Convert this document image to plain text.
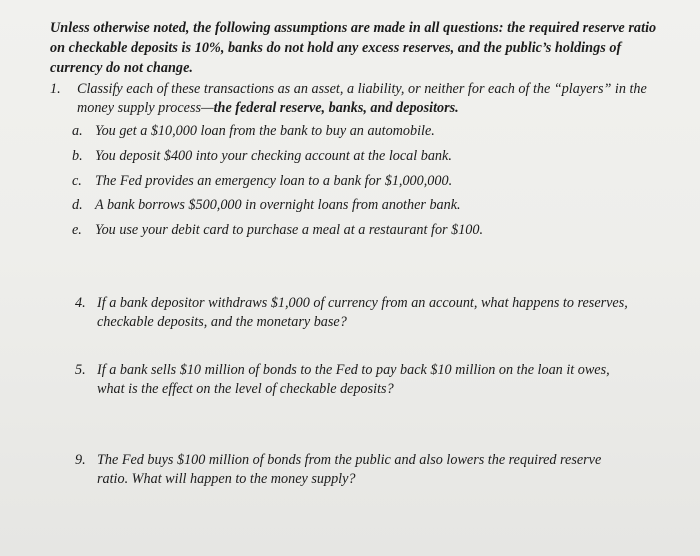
Unless otherwise noted, the following assumptions are made in all questions: the required reserve ratio on checkable deposits is 10%, banks do not hold any excess reserves, and the public’s holdings of currency do not change.
1.	Classify each of these transactions as an asset, a liability, or neither for each of the “players” in the money supply process—the federal reserve, banks, and depositors.
a. You get a $10,000 loan from the bank to buy an automobile.
b. You deposit $400 into your checking account at the local bank.
c. The Fed provides an emergency loan to a bank for $1,000,000.
d. A bank borrows $500,000 in overnight loans from another bank.
e. You use your debit card to purchase a meal at a restaurant for $100.
4. If a bank depositor withdraws $1,000 of currency from an account, what happens to reserves, checkable deposits, and the monetary base?
5. If a bank sells $10 million of bonds to the Fed to pay back $10 million on the loan it owes, what is the effect on the level of checkable deposits?
9. The Fed buys $100 million of bonds from the public and also lowers the required reserve ratio. What will happen to the money supply?
